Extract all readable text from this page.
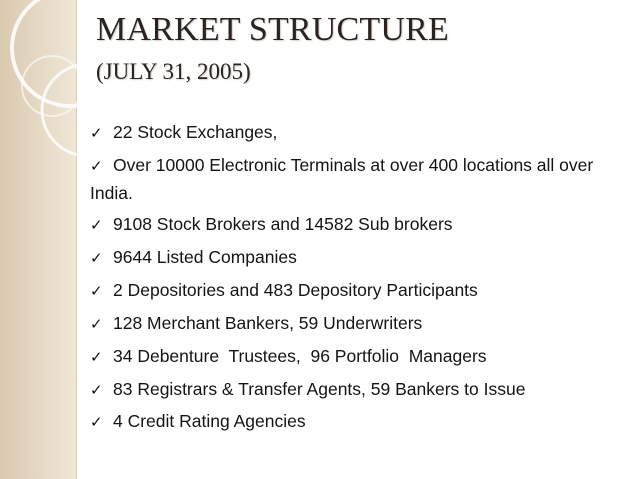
MARKET STRUCTURE
(JULY 31, 2005)
✓ 22 Stock Exchanges,
✓ Over 10000 Electronic Terminals at over 400 locations all over India.
✓ 9108 Stock Brokers and 14582 Sub brokers
✓ 9644 Listed Companies
✓ 2 Depositories and 483 Depository Participants
✓ 128 Merchant Bankers, 59 Underwriters
✓ 34 Debenture  Trustees,  96 Portfolio  Managers
✓ 83 Registrars & Transfer Agents, 59 Bankers to Issue
✓ 4 Credit Rating Agencies
